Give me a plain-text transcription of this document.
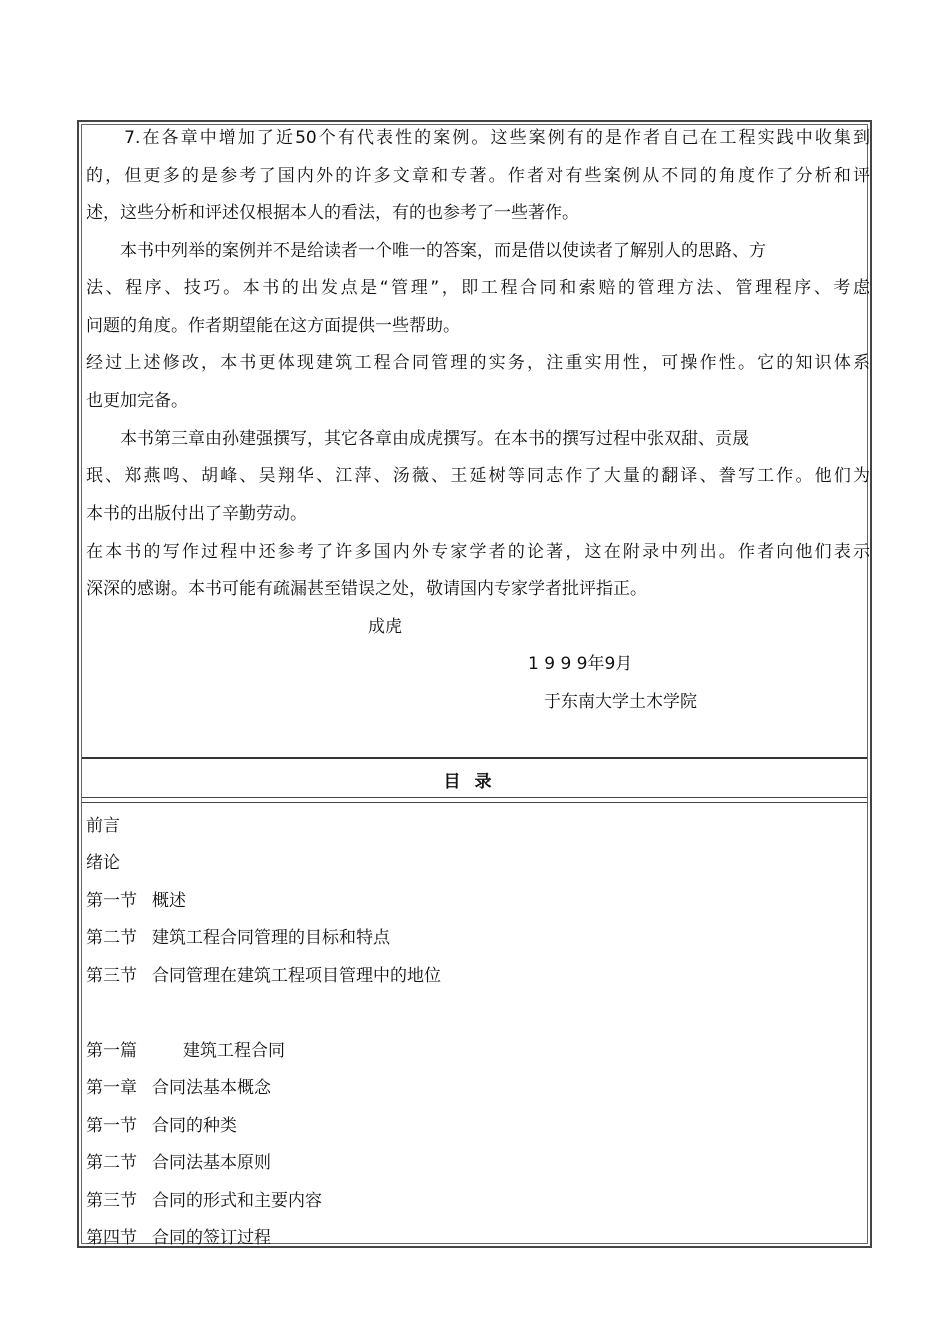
　　7.在各章中增加了近50个有代表性的案例。这些案例有的是作者自己在工程实践中收集到
的，但更多的是参考了国内外的许多文章和专著。作者对有些案例从不同的角度作了分析和评
述，这些分析和评述仅根据本人的看法，有的也参考了一些著作。
　　本书中列举的案例并不是给读者一个唯一的答案，而是借以使读者了解别人的思路、方
法、程序、技巧。本书的出发点是“管理”，即工程合同和索赔的管理方法、管理程序、考虑
问题的角度。作者期望能在这方面提供一些帮助。
经过上述修改，本书更体现建筑工程合同管理的实务，注重实用性，可操作性。它的知识体系
也更加完备。
　　本书第三章由孙建强撰写，其它各章由成虎撰写。在本书的撰写过程中张双甜、贡晟
珉、郑燕鸣、胡峰、吴翔华、江萍、汤薇、王延树等同志作了大量的翻译、誊写工作。他们为
本书的出版付出了辛勤劳动。
在本书的写作过程中还参考了许多国内外专家学者的论著，这在附录中列出。作者向他们表示
深深的感谢。本书可能有疏漏甚至错误之处，敬请国内专家学者批评指正。
成虎
1 9 9 9年9月
于东南大学土木学院
目录
前言
绪论
第一节 概述
第二节 建筑工程合同管理的目标和特点
第三节 合同管理在建筑工程项目管理中的地位
第一篇	建筑工程合同
第一章 合同法基本概念
第一节 合同的种类
第二节 合同法基本原则
第三节 合同的形式和主要内容
第四节 合同的签订过程
